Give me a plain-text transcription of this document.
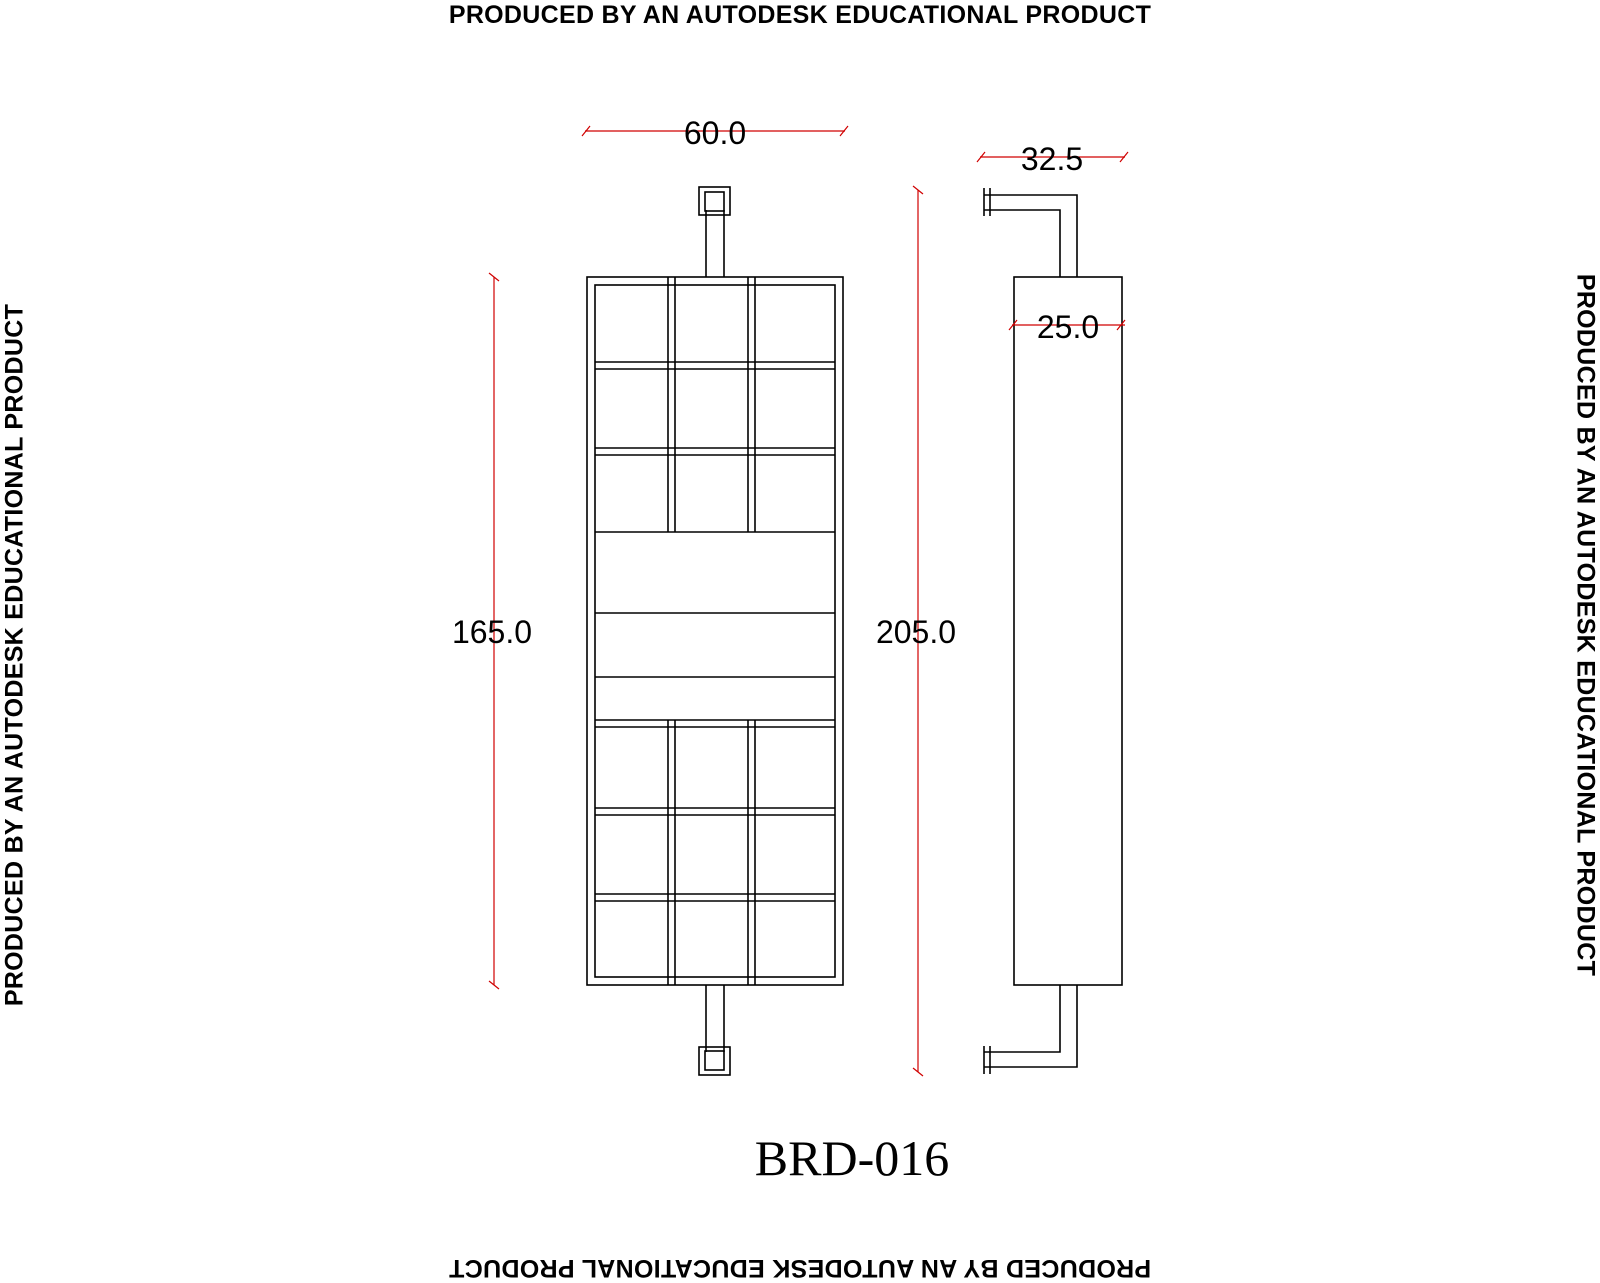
PRODUCED BY AN AUTODESK EDUCATIONAL PRODUCT
PRODUCED BY AN AUTODESK EDUCATIONAL PRODUCT
PRODUCED BY AN AUTODESK EDUCATIONAL PRODUCT	PRODUCED BY AN AUTODESK EDUCATIONAL PRODUCT
60.0
165.0	205.0
32.5
25.0
BRD-016
